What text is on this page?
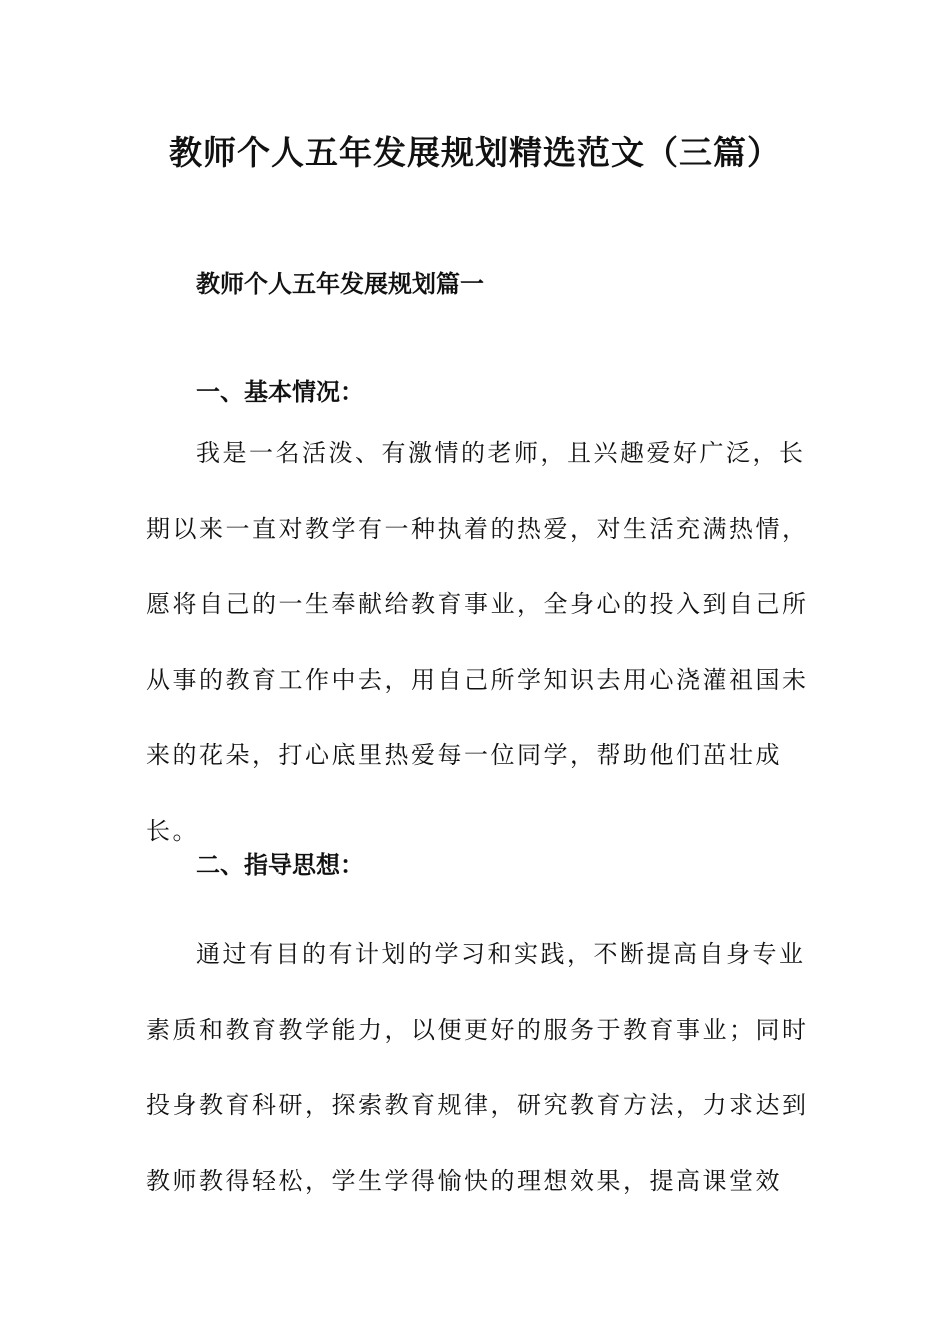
教师个人五年发展规划精选范文（三篇）
教师个人五年发展规划篇一
一、基本情况：

我是一名活泼、有激情的老师，且兴趣爱好广泛，长
期以来一直对教学有一种执着的热爱，对生活充满热情，
愿将自己的一生奉献给教育事业，全身心的投入到自己所
从事的教育工作中去，用自己所学知识去用心浇灌祖国未
来的花朵，打心底里热爱每一位同学，帮助他们茁壮成
长。

二、指导思想：

通过有目的有计划的学习和实践，不断提高自身专业
素质和教育教学能力，以便更好的服务于教育事业；同时
投身教育科研，探索教育规律，研究教育方法，力求达到
教师教得轻松，学生学得愉快的理想效果，提高课堂效
